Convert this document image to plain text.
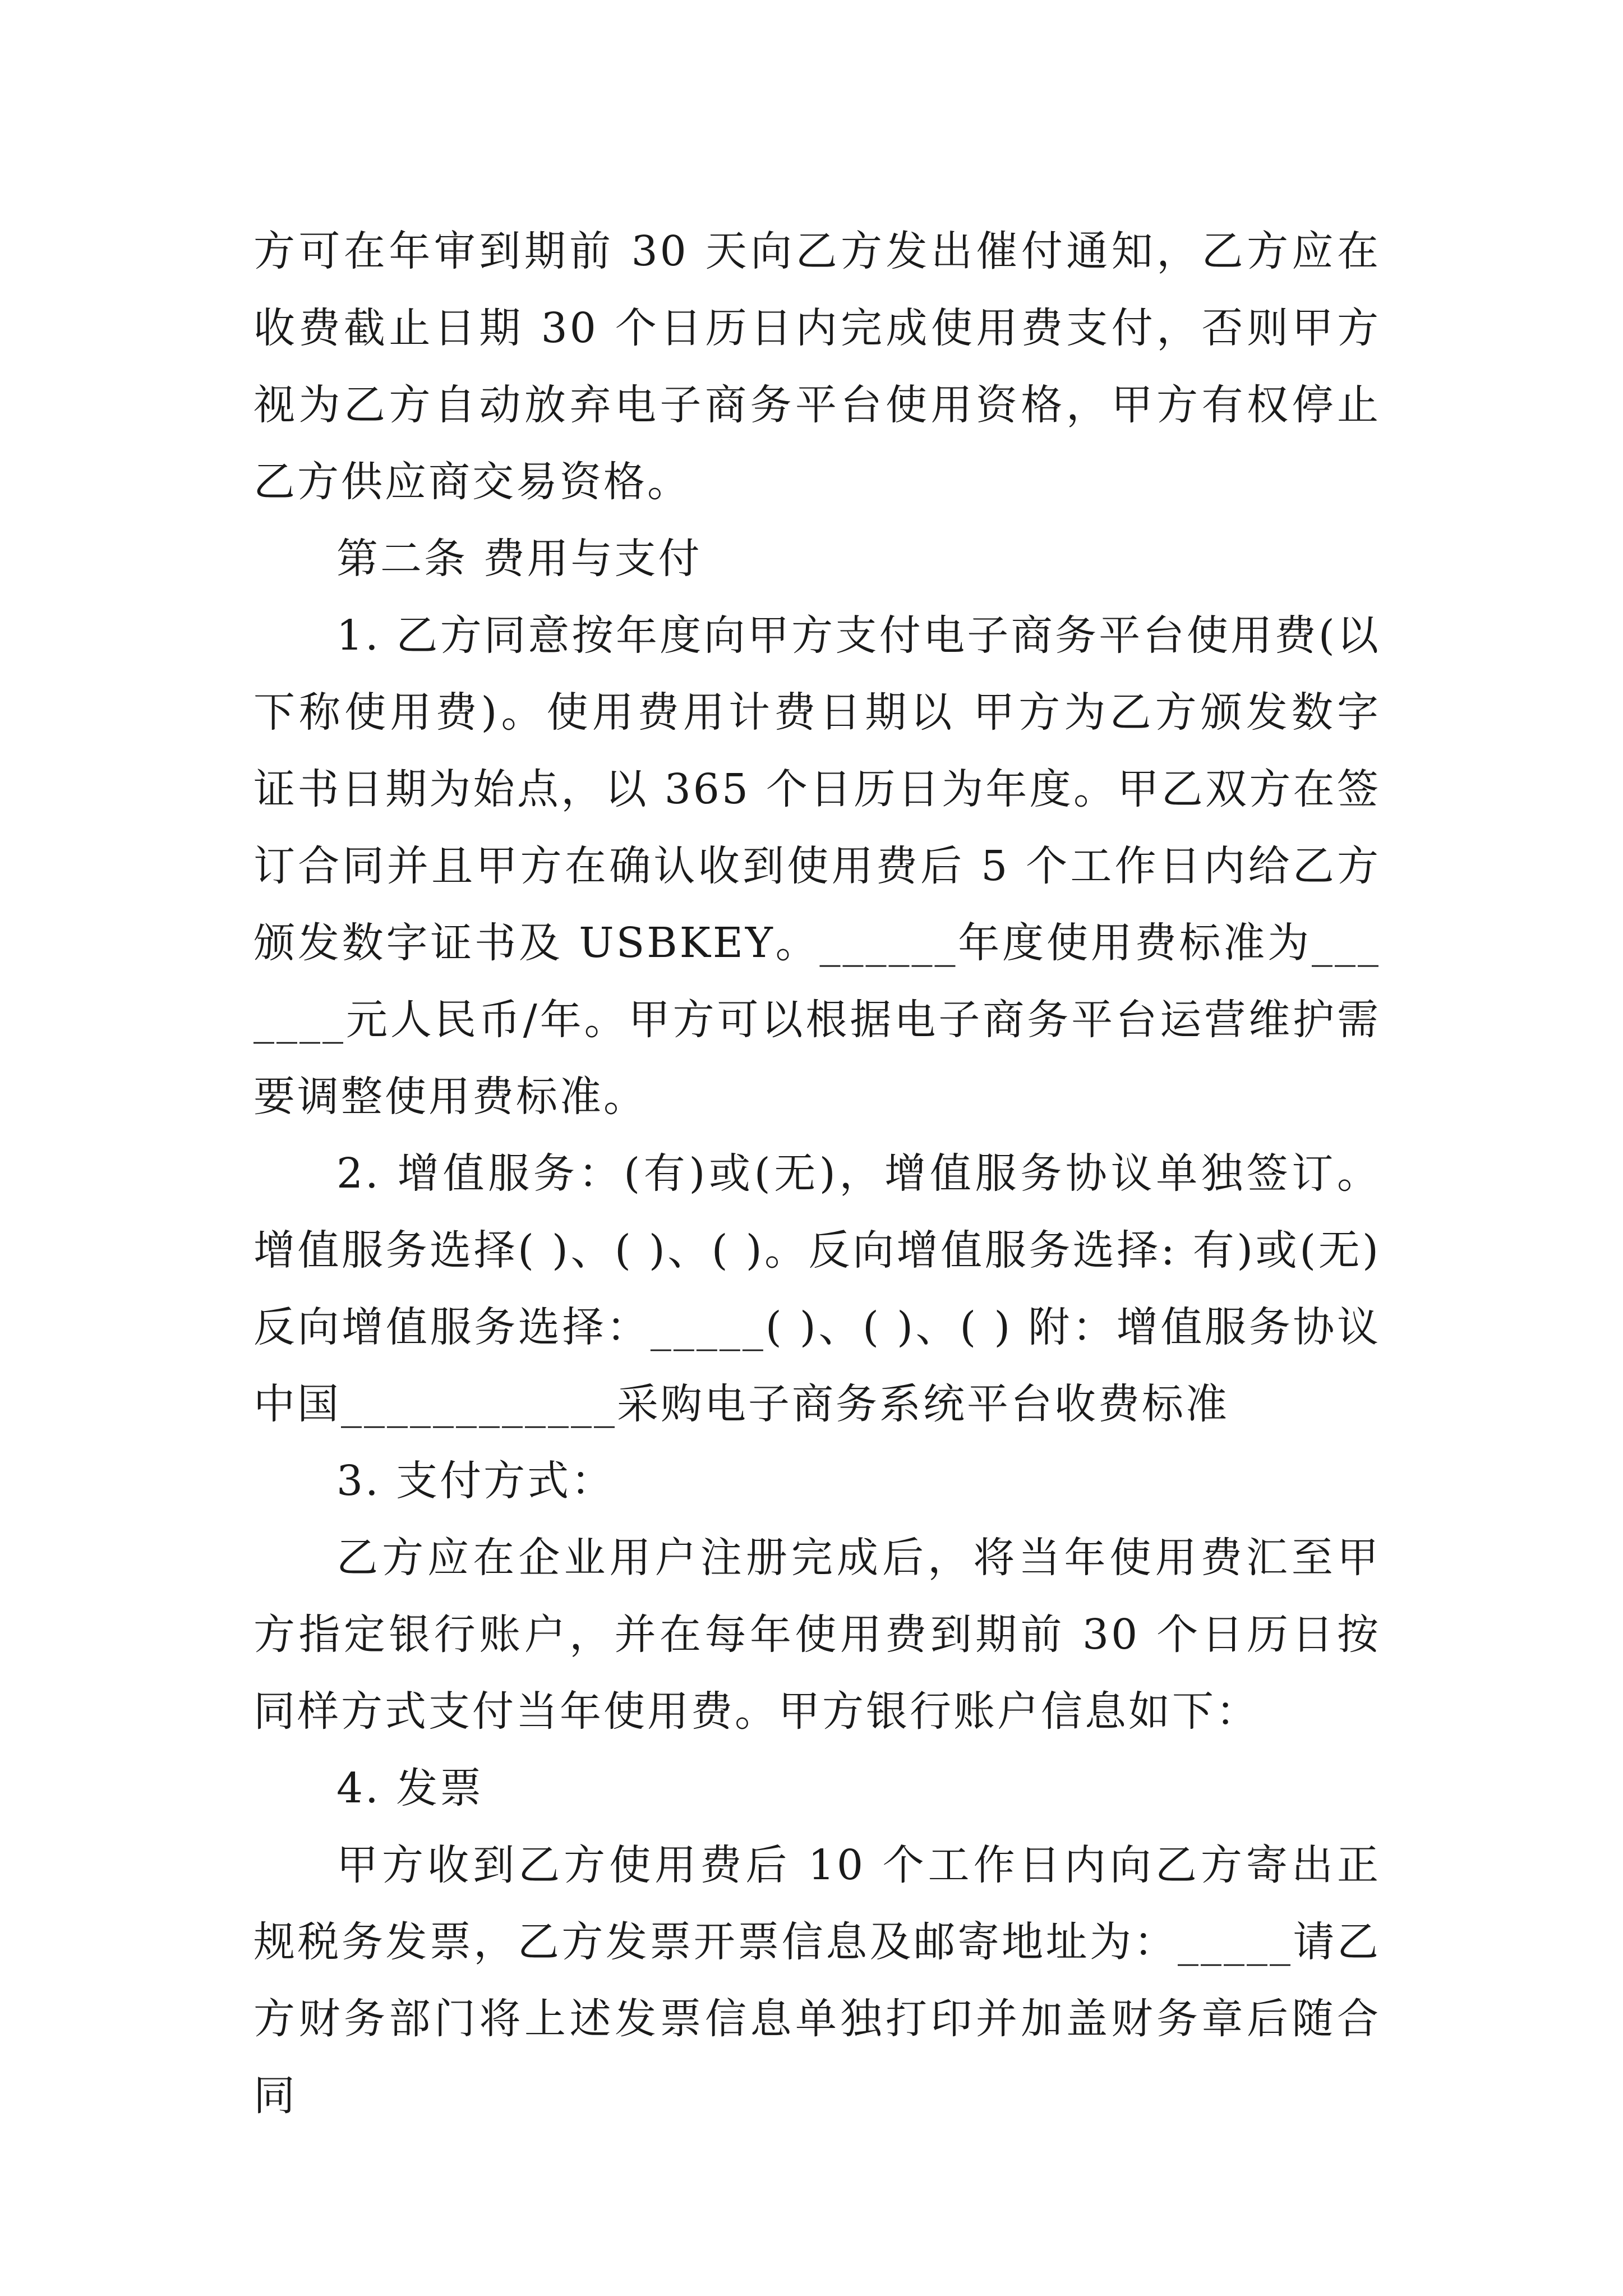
方可在年审到期前 30 天向乙方发出催付通知，乙方应在收费截止日期 30 个日历日内完成使用费支付，否则甲方视为乙方自动放弃电子商务平台使用资格，甲方有权停止乙方供应商交易资格。

第二条 费用与支付

1. 乙方同意按年度向甲方支付电子商务平台使用费(以下称使用费)。使用费用计费日期以 甲方为乙方颁发数字证书日期为始点，以 365 个日历日为年度。甲乙双方在签订合同并且甲方在确认收到使用费后 5 个工作日内给乙方颁发数字证书及 USBKEY。______年度使用费标准为_______元人民币/年。甲方可以根据电子商务平台运营维护需要调整使用费标准。

2. 增值服务：(有)或(无)，增值服务协议单独签订。增值服务选择( )、( )、( )。反向增值服务选择: 有)或(无)反向增值服务选择：_____( )、( )、( ) 附：增值服务协议中国____________采购电子商务系统平台收费标准

3. 支付方式：

乙方应在企业用户注册完成后，将当年使用费汇至甲方指定银行账户，并在每年使用费到期前 30 个日历日按同样方式支付当年使用费。甲方银行账户信息如下：

4. 发票

甲方收到乙方使用费后 10 个工作日内向乙方寄出正规税务发票，乙方发票开票信息及邮寄地址为：_____请乙方财务部门将上述发票信息单独打印并加盖财务章后随合同
